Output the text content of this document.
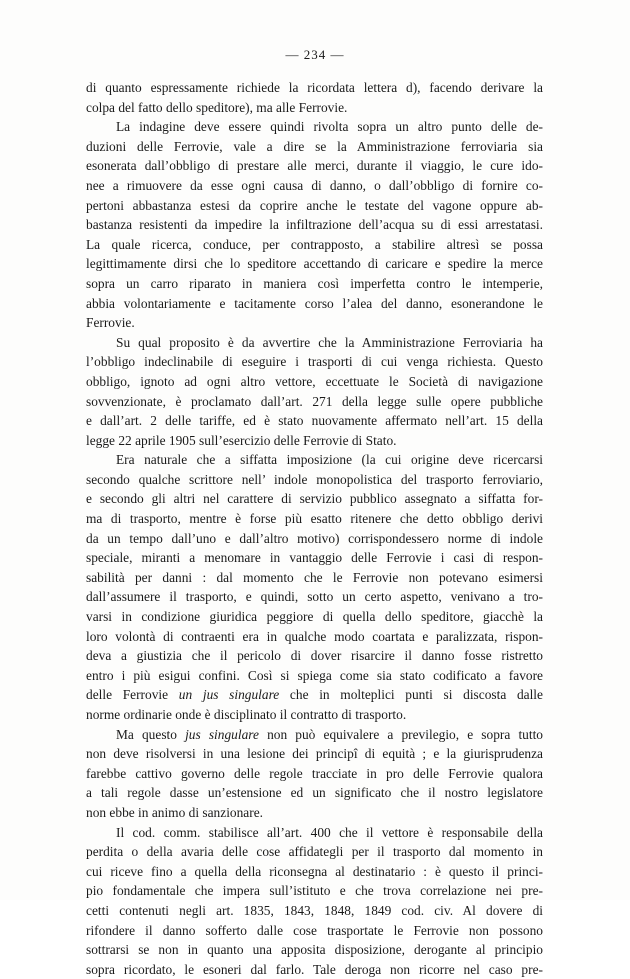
— 234 —
di quanto espressamente richiede la ricordata lettera d), facendo derivare la
colpa del fatto dello speditore), ma alle Ferrovie.
La indagine deve essere quindi rivolta sopra un altro punto delle de-
duzioni delle Ferrovie, vale a dire se la Amministrazione ferroviaria sia
esonerata dall’obbligo di prestare alle merci, durante il viaggio, le cure ido-
nee a rimuovere da esse ogni causa di danno, o dall’obbligo di fornire co-
pertoni abbastanza estesi da coprire anche le testate del vagone oppure ab-
bastanza resistenti da impedire la infiltrazione dell’acqua su di essi arrestatasi.
La quale ricerca, conduce, per contrapposto, a stabilire altresì se possa
legittimamente dirsi che lo speditore accettando di caricare e spedire la merce
sopra un carro riparato in maniera così imperfetta contro le intemperie,
abbia volontariamente e tacitamente corso l’alea del danno, esonerandone le
Ferrovie.
Su qual proposito è da avvertire che la Amministrazione Ferroviaria ha
l’obbligo indeclinabile di eseguire i trasporti di cui venga richiesta. Questo
obbligo, ignoto ad ogni altro vettore, eccettuate le Società di navigazione
sovvenzionate, è proclamato dall’art. 271 della legge sulle opere pubbliche
e dall’art. 2 delle tariffe, ed è stato nuovamente affermato nell’art. 15 della
legge 22 aprile 1905 sull’esercizio delle Ferrovie di Stato.
Era naturale che a siffatta imposizione (la cui origine deve ricercarsi
secondo qualche scrittore nell’ indole monopolistica del trasporto ferroviario,
e secondo gli altri nel carattere di servizio pubblico assegnato a siffatta for-
ma di trasporto, mentre è forse più esatto ritenere che detto obbligo derivi
da un tempo dall’uno e dall’altro motivo) corrispondessero norme di indole
speciale, miranti a menomare in vantaggio delle Ferrovie i casi di respon-
sabilità per danni : dal momento che le Ferrovie non potevano esimersi
dall’assumere il trasporto, e quindi, sotto un certo aspetto, venivano a tro-
varsi in condizione giuridica peggiore di quella dello speditore, giacchè la
loro volontà di contraenti era in qualche modo coartata e paralizzata, rispon-
deva a giustizia che il pericolo di dover risarcire il danno fosse ristretto
entro i più esigui confini. Così si spiega come sia stato codificato a favore
delle Ferrovie un jus singulare che in molteplici punti si discosta dalle
norme ordinarie onde è disciplinato il contratto di trasporto.
Ma questo jus singulare non può equivalere a previlegio, e sopra tutto
non deve risolversi in una lesione dei principî di equità ; e la giurisprudenza
farebbe cattivo governo delle regole tracciate in pro delle Ferrovie qualora
a tali regole dasse un’estensione ed un significato che il nostro legislatore
non ebbe in animo di sanzionare.
Il cod. comm. stabilisce all’art. 400 che il vettore è responsabile della
perdita o della avaria delle cose affidategli per il trasporto dal momento in
cui riceve fino a quella della riconsegna al destinatario : è questo il princi-
pio fondamentale che impera sull’istituto e che trova correlazione nei pre-
cetti contenuti negli art. 1835, 1843, 1848, 1849 cod. civ. Al dovere di
rifondere il danno sofferto dalle cose trasportate le Ferrovie non possono
sottrarsi se non in quanto una apposita disposizione, derogante al principio
sopra ricordato, le esoneri dal farlo. Tale deroga non ricorre nel caso pre-
